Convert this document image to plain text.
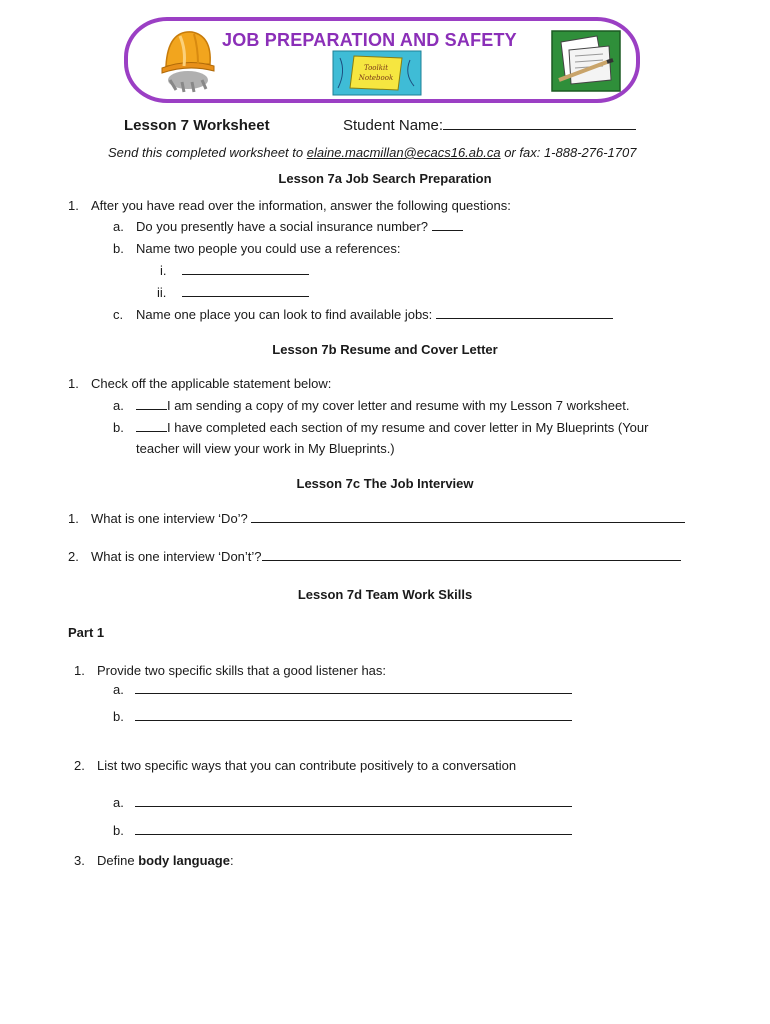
JOB PREPARATION AND SAFETY
Toolkit
Notebook
Lesson 7 Worksheet	Student Name:
Send this completed worksheet to elaine.macmillan@ecacs16.ab.ca or fax: 1-888-276-1707
Lesson 7a Job Search Preparation
1. After you have read over the information, answer the following questions:
a. Do you presently have a social insurance number?
b. Name two people you could use a references:
i.
ii.
c. Name one place you can look to find available jobs:
Lesson 7b Resume and Cover Letter
1. Check off the applicable statement below:
a.	I am sending a copy of my cover letter and resume with my Lesson 7 worksheet.
b.	I have completed each section of my resume and cover letter in My Blueprints (Your
teacher will view your work in My Blueprints.)
Lesson 7c The Job Interview
1. What is one interview ‘Do’?
2. What is one interview ‘Don’t’?
Lesson 7d Team Work Skills
Part 1
1. Provide two specific skills that a good listener has:
a.
b.
2. List two specific ways that you can contribute positively to a conversation
a.
b.
3. Define body language:
